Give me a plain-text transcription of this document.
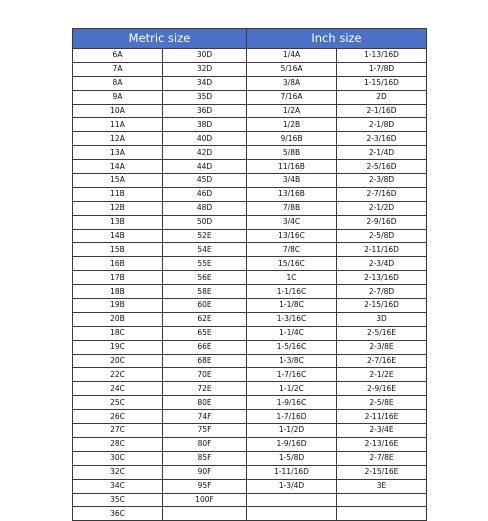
Metric size		Inch size	
6A	30D	1/4A	1-13/16D
7A	32D	5/16A	1-7/8D
8A	34D	3/8A	1-15/16D
9A	35D	7/16A	2D
10A	36D	1/2A	2-1/16D
11A	38D	1/2B	2-1/8D
12A	40D	9/16B	2-3/16D
13A	42D	5/8B	2-1/4D
14A	44D	11/16B	2-5/16D
15A	45D	3/4B	2-3/8D
11B	46D	13/16B	2-7/16D
12B	48D	7/8B	2-1/2D
13B	50D	3/4C	2-9/16D
14B	52E	13/16C	2-5/8D
15B	54E	7/8C	2-11/16D
16B	55E	15/16C	2-3/4D
17B	56E	1C	2-13/16D
18B	58E	1-1/16C	2-7/8D
19B	60E	1-1/8C	2-15/16D
20B	62E	1-3/16C	3D
18C	65E	1-1/4C	2-5/16E
19C	66E	1-5/16C	2-3/8E
20C	68E	1-3/8C	2-7/16E
22C	70E	1-7/16C	2-1/2E
24C	72E	1-1/2C	2-9/16E
25C	80E	1-9/16C	2-5/8E
26C	74F	1-7/16D	2-11/16E
27C	75F	1-1/2D	2-3/4E
28C	80F	1-9/16D	2-13/16E
30C	85F	1-5/8D	2-7/8E
32C	90F	1-11/16D	2-15/16E
34C	95F	1-3/4D	3E
35C	100F		
36C			
